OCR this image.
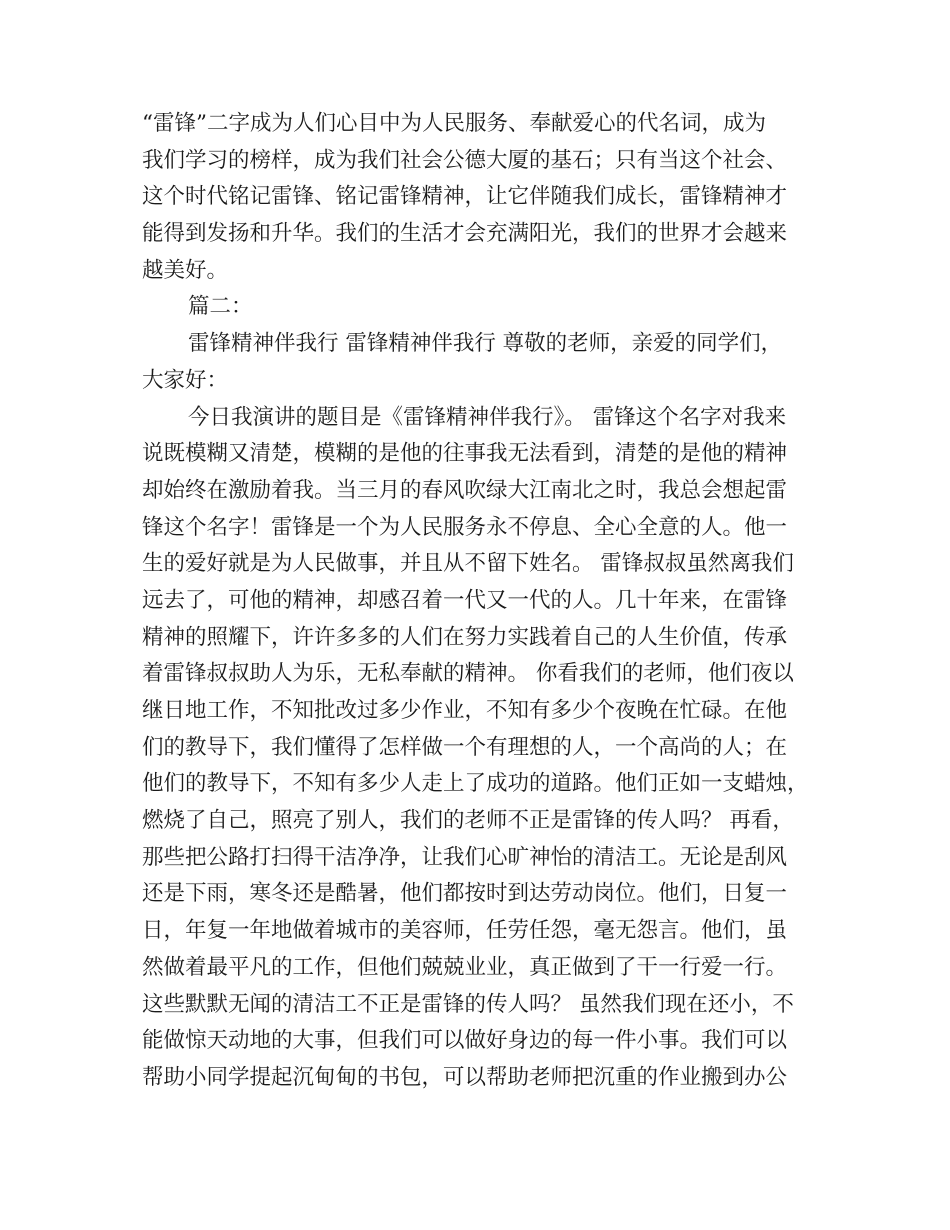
“雷锋”二字成为人们心目中为人民服务、奉献爱心的代名词，成为
我们学习的榜样，成为我们社会公德大厦的基石；只有当这个社会、
这个时代铭记雷锋、铭记雷锋精神，让它伴随我们成长，雷锋精神才
能得到发扬和升华。我们的生活才会充满阳光，我们的世界才会越来
越美好。
篇二：
雷锋精神伴我行 雷锋精神伴我行 尊敬的老师，亲爱的同学们，
大家好：
今日我演讲的题目是《雷锋精神伴我行》。 雷锋这个名字对我来
说既模糊又清楚，模糊的是他的往事我无法看到，清楚的是他的精神
却始终在激励着我。当三月的春风吹绿大江南北之时，我总会想起雷
锋这个名字！雷锋是一个为人民服务永不停息、全心全意的人。他一
生的爱好就是为人民做事，并且从不留下姓名。 雷锋叔叔虽然离我们
远去了，可他的精神，却感召着一代又一代的人。几十年来，在雷锋
精神的照耀下，许许多多的人们在努力实践着自己的人生价值，传承
着雷锋叔叔助人为乐，无私奉献的精神。 你看我们的老师，他们夜以
继日地工作，不知批改过多少作业，不知有多少个夜晚在忙碌。在他
们的教导下，我们懂得了怎样做一个有理想的人，一个高尚的人；在
他们的教导下，不知有多少人走上了成功的道路。他们正如一支蜡烛，
燃烧了自己，照亮了别人，我们的老师不正是雷锋的传人吗？ 再看，
那些把公路打扫得干洁净净，让我们心旷神怡的清洁工。无论是刮风
还是下雨，寒冬还是酷暑，他们都按时到达劳动岗位。他们，日复一
日，年复一年地做着城市的美容师，任劳任怨，毫无怨言。他们，虽
然做着最平凡的工作，但他们兢兢业业，真正做到了干一行爱一行。
这些默默无闻的清洁工不正是雷锋的传人吗？ 虽然我们现在还小，不
能做惊天动地的大事，但我们可以做好身边的每一件小事。我们可以
帮助小同学提起沉甸甸的书包，可以帮助老师把沉重的作业搬到办公
